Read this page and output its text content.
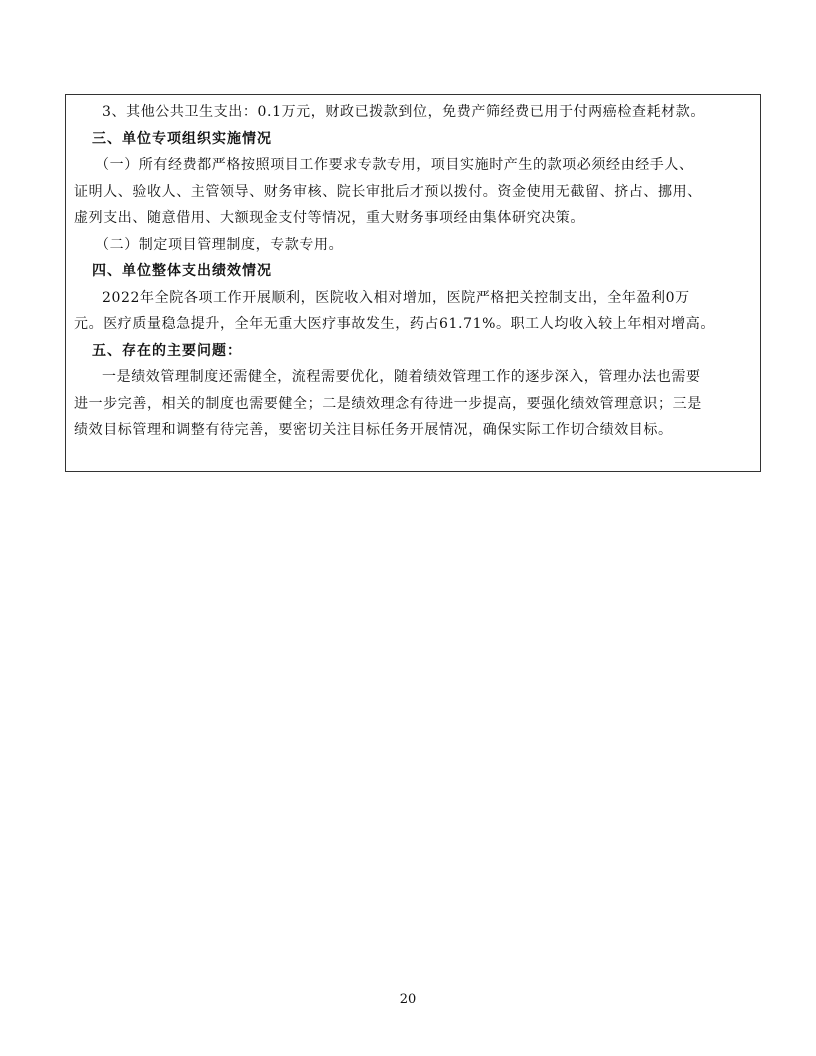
3、其他公共卫生支出：0.1万元，财政已拨款到位，免费产筛经费已用于付两癌检查耗材款。
三、单位专项组织实施情况
（一）所有经费都严格按照项目工作要求专款专用，项目实施时产生的款项必须经由经手人、
证明人、验收人、主管领导、财务审核、院长审批后才预以拨付。资金使用无截留、挤占、挪用、
虚列支出、随意借用、大额现金支付等情况，重大财务事项经由集体研究决策。
（二）制定项目管理制度，专款专用。
四、单位整体支出绩效情况
2022年全院各项工作开展顺利，医院收入相对增加，医院严格把关控制支出，全年盈利0万
元。医疗质量稳急提升，全年无重大医疗事故发生，药占61.71%。职工人均收入较上年相对增高。
五、存在的主要问题：
一是绩效管理制度还需健全，流程需要优化，随着绩效管理工作的逐步深入，管理办法也需要
进一步完善，相关的制度也需要健全；二是绩效理念有待进一步提高，要强化绩效管理意识；三是
绩效目标管理和调整有待完善，要密切关注目标任务开展情况，确保实际工作切合绩效目标。
20
